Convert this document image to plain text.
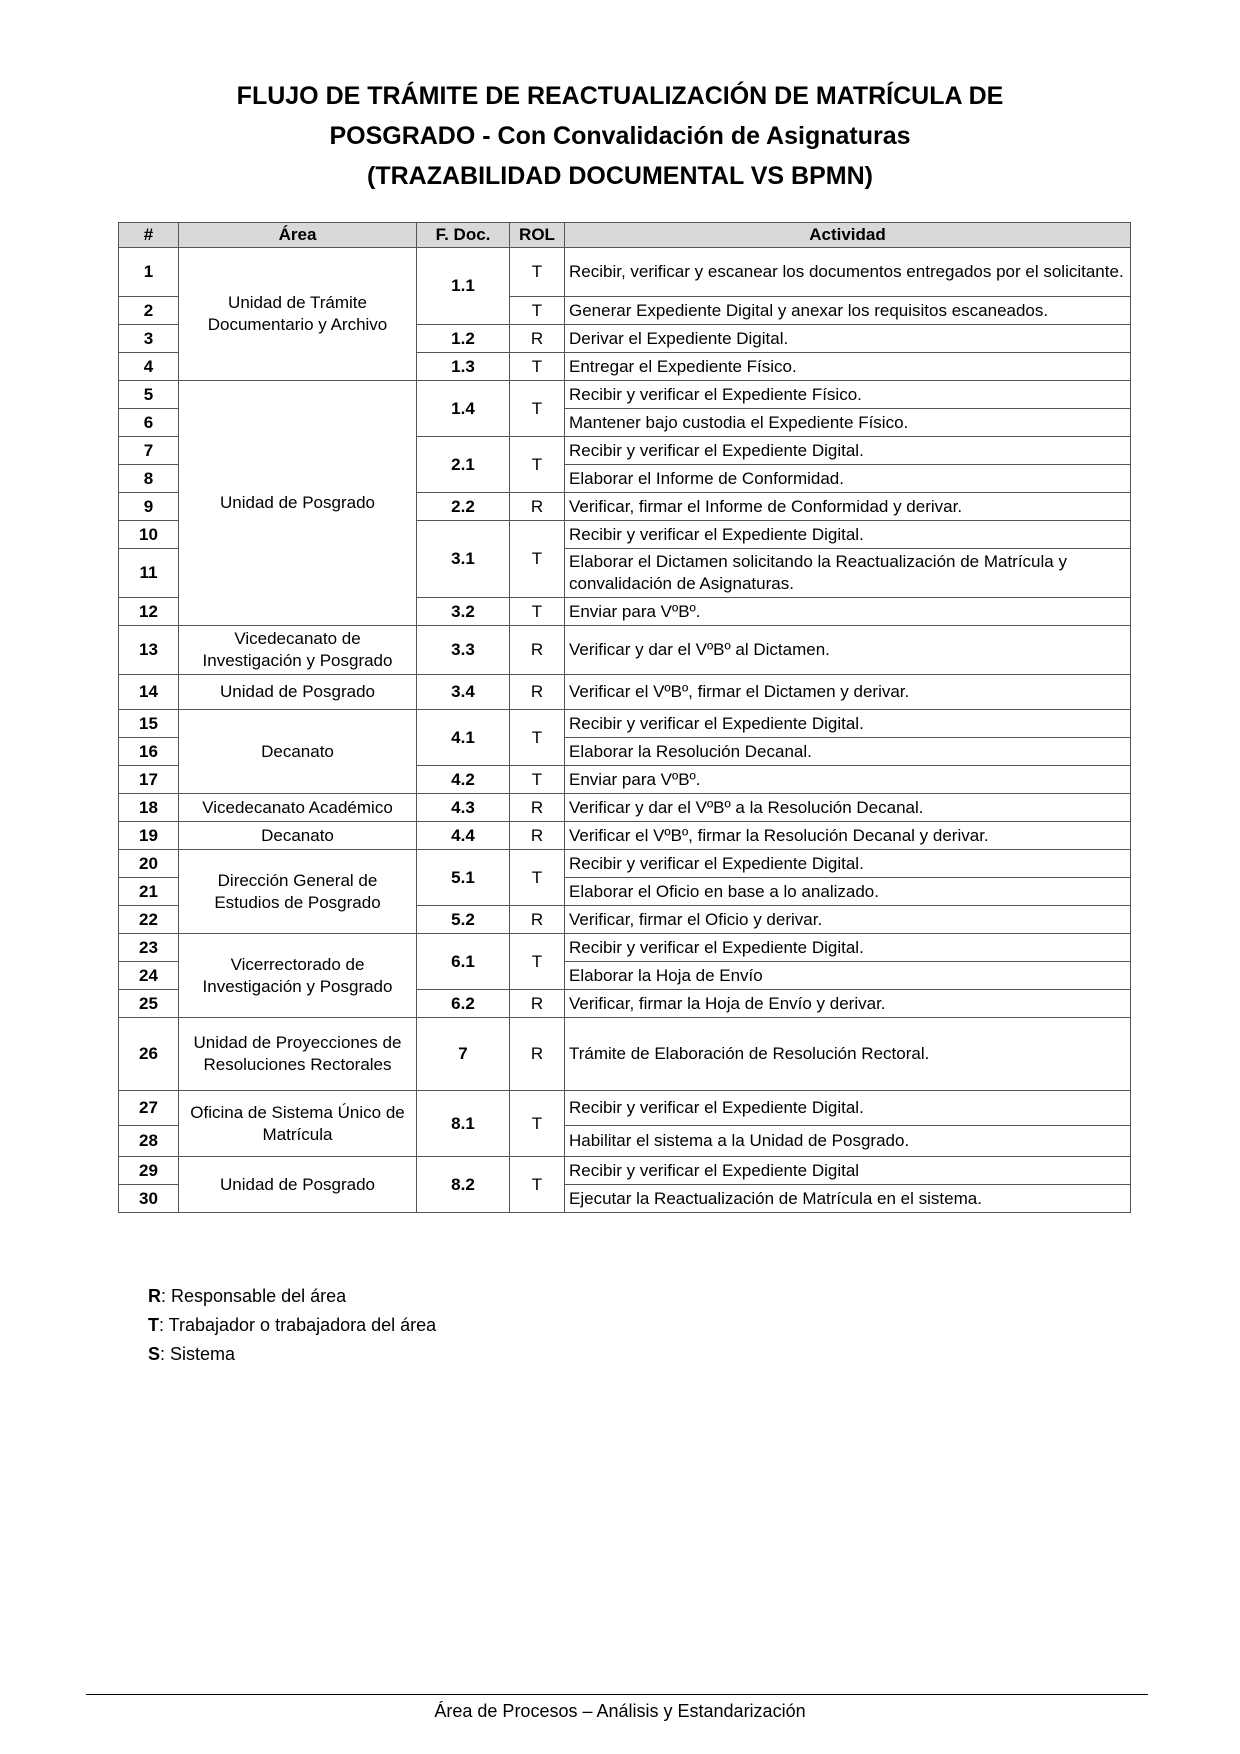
FLUJO DE TRÁMITE DE REACTUALIZACIÓN DE MATRÍCULA DE
POSGRADO - Con Convalidación de Asignaturas
(TRAZABILIDAD DOCUMENTAL VS BPMN)
#	Área	F. Doc.	ROL	Actividad
1	Unidad de Trámite Documentario y Archivo	1.1	T	Recibir, verificar y escanear los documentos entregados por el solicitante.
2			T	Generar Expediente Digital y anexar los requisitos escaneados.
3		1.2	R	Derivar el Expediente Digital.
4		1.3	T	Entregar el Expediente Físico.
5	Unidad de Posgrado	1.4	T	Recibir y verificar el Expediente Físico.
6				Mantener bajo custodia el Expediente Físico.
7		2.1	T	Recibir y verificar el Expediente Digital.
8				Elaborar el Informe de Conformidad.
9		2.2	R	Verificar, firmar el Informe de Conformidad y derivar.
10		3.1	T	Recibir y verificar el Expediente Digital.
11				Elaborar el Dictamen solicitando la Reactualización de Matrícula y convalidación de Asignaturas.
12		3.2	T	Enviar para VºBº.
13	Vicedecanato de Investigación y Posgrado	3.3	R	Verificar y dar el VºBº al Dictamen.
14	Unidad de Posgrado	3.4	R	Verificar el VºBº, firmar el Dictamen y derivar.
15	Decanato	4.1	T	Recibir y verificar el Expediente Digital.
16				Elaborar la Resolución Decanal.
17		4.2	T	Enviar para VºBº.
18	Vicedecanato Académico	4.3	R	Verificar y dar el VºBº a la Resolución Decanal.
19	Decanato	4.4	R	Verificar el VºBº, firmar la Resolución Decanal y derivar.
20	Dirección General de Estudios de Posgrado	5.1	T	Recibir y verificar el Expediente Digital.
21				Elaborar el Oficio en base a lo analizado.
22		5.2	R	Verificar, firmar el Oficio y derivar.
23	Vicerrectorado de Investigación y Posgrado	6.1	T	Recibir y verificar el Expediente Digital.
24				Elaborar la Hoja de Envío
25		6.2	R	Verificar, firmar la Hoja de Envío y derivar.
26	Unidad de Proyecciones de Resoluciones Rectorales	7	R	Trámite de Elaboración de Resolución Rectoral.
27	Oficina de Sistema Único de Matrícula	8.1	T	Recibir y verificar el Expediente Digital.
28				Habilitar el sistema a la Unidad de Posgrado.
29	Unidad de Posgrado	8.2	T	Recibir y verificar el Expediente Digital
30				Ejecutar la Reactualización de Matrícula en el sistema.
R: Responsable del área
T: Trabajador o trabajadora del área
S: Sistema
Área de Procesos – Análisis y Estandarización
